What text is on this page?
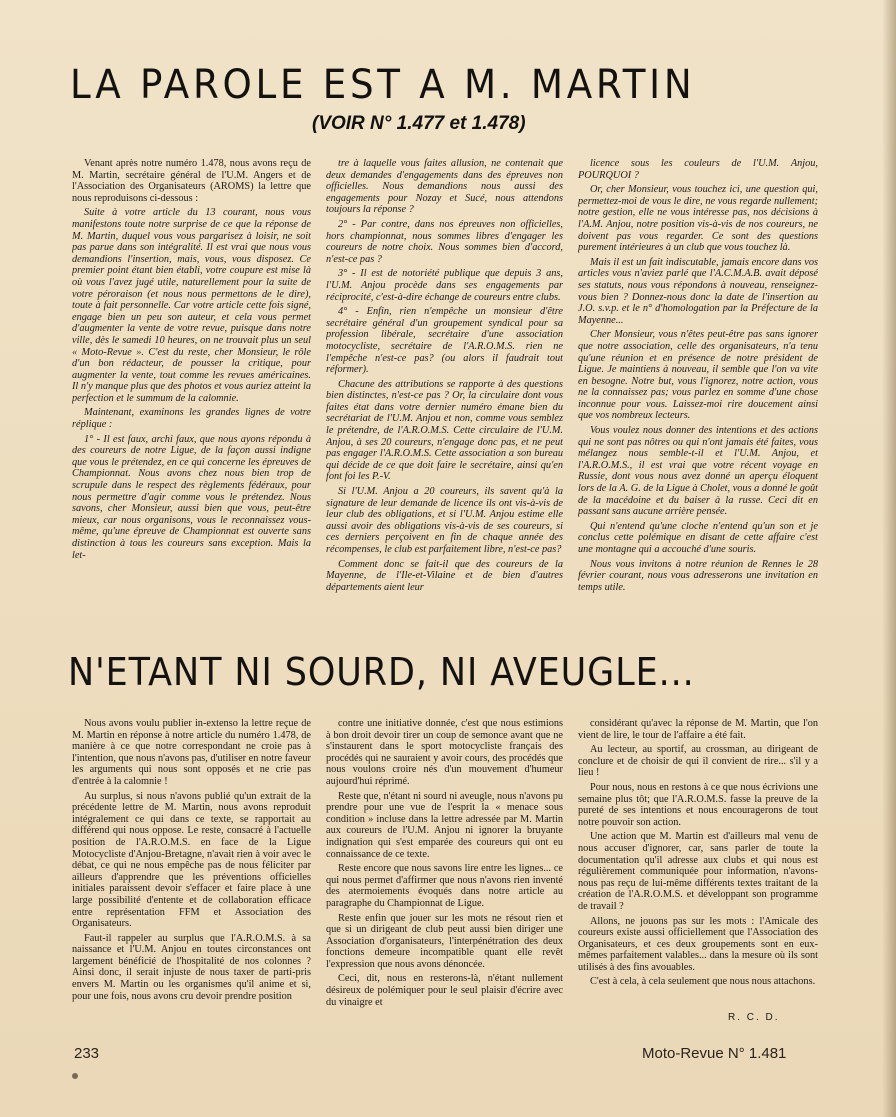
LA PAROLE EST A M. MARTIN
(VOIR N° 1.477 et 1.478)

Venant après notre numéro 1.478, nous avons reçu de M. Martin, secrétaire général de l'U.M. Angers et de l'Association des Organisateurs (AROMS) la lettre que nous reproduisons ci-dessous :

Suite à votre article du 13 courant, nous vous manifestons toute notre surprise de ce que la réponse de M. Martin, duquel vous vous pargarisez à loisir, ne soit pas parue dans son intégralité. Il est vrai que nous vous demandions l'insertion, mais, vous, vous disposez. Ce premier point étant bien établi, votre coupure est mise là où vous l'avez jugé utile, naturellement pour la suite de votre péroraison (et nous nous permettons de le dire), toute à fait personnelle. Car votre article cette fois signé, engage bien un peu son auteur, et cela vous permet d'augmenter la vente de votre revue, puisque dans notre ville, dès le samedi 10 heures, on ne trouvait plus un seul « Moto-Revue ». C'est du reste, cher Monsieur, le rôle d'un bon rédacteur, de pousser la critique, pour augmenter la vente, tout comme les revues américaines. Il n'y manque plus que des photos et vous auriez atteint la perfection et le summum de la calomnie.

Maintenant, examinons les grandes lignes de votre réplique :

1° - Il est faux, archi faux, que nous ayons répondu à des coureurs de notre Ligue, de la façon aussi indigne que vous le prétendez, en ce qui concerne les épreuves de Championnat. Nous avons chez nous bien trop de scrupule dans le respect des règlements fédéraux, pour nous permettre d'agir comme vous le prétendez. Nous savons, cher Monsieur, aussi bien que vous, peut-être mieux, car nous organisons, vous le reconnaissez vous-même, qu'une épreuve de Championnat est ouverte sans distinction à tous les coureurs sans exception. Mais la let-

tre à laquelle vous faites allusion, ne contenait que deux demandes d'engagements dans des épreuves non officielles. Nous demandions nous aussi des engagements pour Nozay et Sucé, nous attendons toujours la réponse ?

2° - Par contre, dans nos épreuves non officielles, hors championnat, nous sommes libres d'engager les coureurs de notre choix. Nous sommes bien d'accord, n'est-ce pas ?

3° - Il est de notoriété publique que depuis 3 ans, l'U.M. Anjou procède dans ses engagements par réciprocité, c'est-à-dire échange de coureurs entre clubs.

4° - Enfin, rien n'empêche un monsieur d'être secrétaire général d'un groupement syndical pour sa profession libérale, secrétaire d'une association motocycliste, secrétaire de l'A.R.O.M.S. rien ne l'empêche n'est-ce pas? (ou alors il faudrait tout réformer).

Chacune des attributions se rapporte à des questions bien distinctes, n'est-ce pas ? Or, la circulaire dont vous faites état dans votre dernier numéro émane bien du secrétariat de l'U.M. Anjou et non, comme vous semblez le prétendre, de l'A.R.O.M.S. Cette circulaire de l'U.M. Anjou, à ses 20 coureurs, n'engage donc pas, et ne peut pas engager l'A.R.O.M.S. Cette association a son bureau qui décide de ce que doit faire le secrétaire, ainsi qu'en font foi les P.-V.

Si l'U.M. Anjou a 20 coureurs, ils savent qu'à la signature de leur demande de licence ils ont vis-à-vis de leur club des obligations, et si l'U.M. Anjou estime elle aussi avoir des obligations vis-à-vis de ses coureurs, si ces derniers perçoivent en fin de chaque année des récompenses, le club est parfaitement libre, n'est-ce pas?

Comment donc se fait-il que des coureurs de la Mayenne, de l'Ile-et-Vilaine et de bien d'autres départements aient leur

licence sous les couleurs de l'U.M. Anjou, POURQUOI ?

Or, cher Monsieur, vous touchez ici, une question qui, permettez-moi de vous le dire, ne vous regarde nullement; notre gestion, elle ne vous intéresse pas, nos décisions à l'A.M. Anjou, notre position vis-à-vis de nos coureurs, ne doivent pas vous regarder. Ce sont des questions purement intérieures à un club que vous touchez là.

Mais il est un fait indiscutable, jamais encore dans vos articles vous n'aviez parlé que l'A.C.M.A.B. avait déposé ses statuts, nous vous répondons à nouveau, renseignez-vous bien ? Donnez-nous donc la date de l'insertion au J.O. s.v.p. et le n° d'homologation par la Préfecture de la Mayenne...

Cher Monsieur, vous n'êtes peut-être pas sans ignorer que notre association, celle des organisateurs, n'a tenu qu'une réunion et en présence de notre président de Ligue. Je maintiens à nouveau, il semble que l'on va vite en besogne. Notre but, vous l'ignorez, notre action, vous ne la connaissez pas; vous parlez en somme d'une chose inconnue pour vous. Laissez-moi rire doucement ainsi que vos nombreux lecteurs.

Vous voulez nous donner des intentions et des actions qui ne sont pas nôtres ou qui n'ont jamais été faites, vous mélangez nous semble-t-il et l'U.M. Anjou, et l'A.R.O.M.S., il est vrai que votre récent voyage en Russie, dont vous nous avez donné un aperçu éloquent lors de la A. G. de la Ligue à Cholet, vous a donné le goût de la macédoine et du baiser à la russe. Ceci dit en passant sans aucune arrière pensée.

Qui n'entend qu'une cloche n'entend qu'un son et je conclus cette polémique en disant de cette affaire c'est une montagne qui a accouché d'une souris.

Nous vous invitons à notre réunion de Rennes le 28 février courant, nous vous adresserons une invitation en temps utile.

N'ETANT NI SOURD, NI AVEUGLE...

Nous avons voulu publier in-extenso la lettre reçue de M. Martin en réponse à notre article du numéro 1.478, de manière à ce que notre correspondant ne croie pas à l'intention, que nous n'avons pas, d'utiliser en notre faveur les arguments qui nous sont opposés et ne crie pas d'entrée à la calomnie !

Au surplus, si nous n'avons publié qu'un extrait de la précédente lettre de M. Martin, nous avons reproduit intégralement ce qui dans ce texte, se rapportait au différend qui nous oppose. Le reste, consacré à l'actuelle position de l'A.R.O.M.S. en face de la Ligue Motocycliste d'Anjou-Bretagne, n'avait rien à voir avec le débat, ce qui ne nous empêche pas de nous féliciter par ailleurs d'apprendre que les préventions officielles initiales paraissent devoir s'effacer et faire place à une large possibilité d'entente et de collaboration efficace entre représentation FFM et Association des Organisateurs.

Faut-il rappeler au surplus que l'A.R.O.M.S. à sa naissance et l'U.M. Anjou en toutes circonstances ont largement bénéficié de l'hospitalité de nos colonnes ? Ainsi donc, il serait injuste de nous taxer de parti-pris envers M. Martin ou les organismes qu'il anime et si, pour une fois, nous avons cru devoir prendre position

contre une initiative donnée, c'est que nous estimions à bon droit devoir tirer un coup de semonce avant que ne s'instaurent dans le sport motocycliste français des procédés qui ne sauraient y avoir cours, des procédés que nous voulons croire nés d'un mouvement d'humeur aujourd'hui réprimé.

Reste que, n'étant ni sourd ni aveugle, nous n'avons pu prendre pour une vue de l'esprit la « menace sous condition » incluse dans la lettre adressée par M. Martin aux coureurs de l'U.M. Anjou ni ignorer la bruyante indignation qui s'est emparée des coureurs qui ont eu connaissance de ce texte.

Reste encore que nous savons lire entre les lignes... ce qui nous permet d'affirmer que nous n'avons rien inventé des atermoiements évoqués dans notre article au paragraphe du Championnat de Ligue.

Reste enfin que jouer sur les mots ne résout rien et que si un dirigeant de club peut aussi bien diriger une Association d'organisateurs, l'interpénétration des deux fonctions demeure incompatible quant elle revêt l'expression que nous avons dénoncée.

Ceci, dit, nous en resterons-là, n'étant nullement désireux de polémiquer pour le seul plaisir d'écrire avec du vinaigre et

considérant qu'avec la réponse de M. Martin, que l'on vient de lire, le tour de l'affaire a été fait.

Au lecteur, au sportif, au crossman, au dirigeant de conclure et de choisir de qui il convient de rire... s'il y a lieu !

Pour nous, nous en restons à ce que nous écrivions une semaine plus tôt; que l'A.R.O.M.S. fasse la preuve de la pureté de ses intentions et nous encouragerons de tout notre pouvoir son action.

Une action que M. Martin est d'ailleurs mal venu de nous accuser d'ignorer, car, sans parler de toute la documentation qu'il adresse aux clubs et qui nous est régulièrement communiquée pour information, n'avons-nous pas reçu de lui-même différents textes traitant de la création de l'A.R.O.M.S. et développant son programme de travail ?

Allons, ne jouons pas sur les mots : l'Amicale des coureurs existe aussi officiellement que l'Association des Organisateurs, et ces deux groupements sont en eux-mêmes parfaitement valables... dans la mesure où ils sont utilisés à des fins avouables.

C'est à cela, à cela seulement que nous nous attachons.

R. C. D.
233	Moto-Revue N° 1.481
